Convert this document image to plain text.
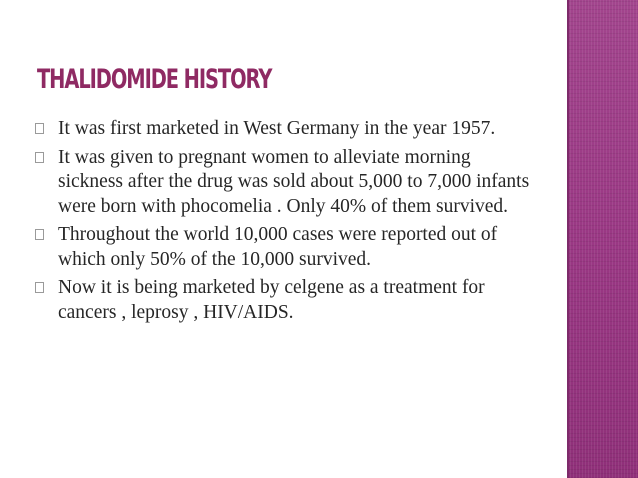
THALIDOMIDE HISTORY
It was first marketed in West Germany in the year 1957.
It was given to pregnant women to alleviate morning sickness after the drug was sold about 5,000 to 7,000 infants were born with phocomelia . Only 40% of them survived.
Throughout the world 10,000 cases were reported out of which only 50% of the 10,000 survived.
Now it is being marketed by celgene as a treatment for cancers , leprosy , HIV/AIDS.
